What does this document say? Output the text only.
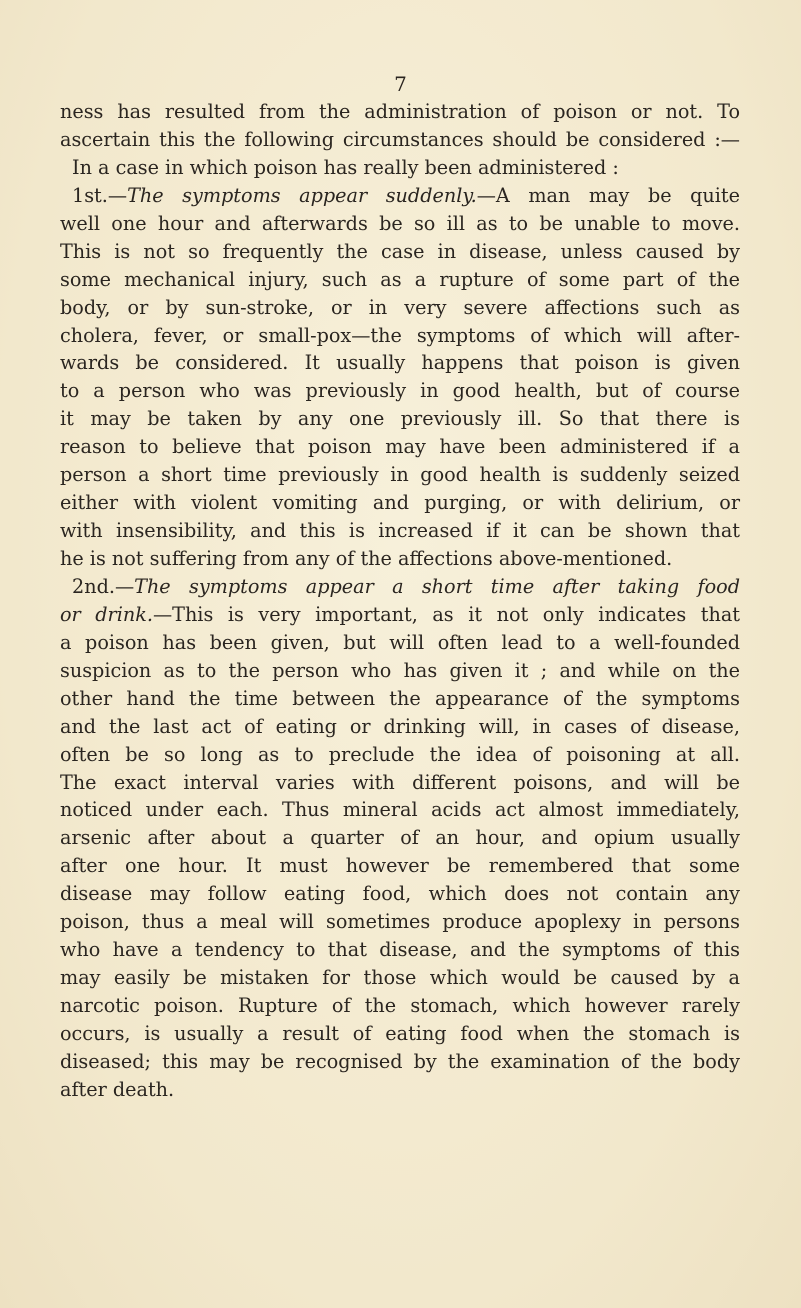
7
ness has resulted from the administration of poison or not. To
ascertain this the following circumstances should be considered :—
In a case in which poison has really been administered :
1st.—The symptoms appear suddenly.—A man may be quite
well one hour and afterwards be so ill as to be unable to move.
This is not so frequently the case in disease, unless caused by
some mechanical injury, such as a rupture of some part of the
body, or by sun-stroke, or in very severe affections such as
cholera, fever, or small-pox—the symptoms of which will after-
wards be considered. It usually happens that poison is given
to a person who was previously in good health, but of course
it may be taken by any one previously ill. So that there is
reason to believe that poison may have been administered if a
person a short time previously in good health is suddenly seized
either with violent vomiting and purging, or with delirium, or
with insensibility, and this is increased if it can be shown that
he is not suffering from any of the affections above-mentioned.
2nd.—The symptoms appear a short time after taking food
or drink.—This is very important, as it not only indicates that
a poison has been given, but will often lead to a well-founded
suspicion as to the person who has given it ; and while on the
other hand the time between the appearance of the symptoms
and the last act of eating or drinking will, in cases of disease,
often be so long as to preclude the idea of poisoning at all.
The exact interval varies with different poisons, and will be
noticed under each. Thus mineral acids act almost immediately,
arsenic after about a quarter of an hour, and opium usually
after one hour. It must however be remembered that some
disease may follow eating food, which does not contain any
poison, thus a meal will sometimes produce apoplexy in persons
who have a tendency to that disease, and the symptoms of this
may easily be mistaken for those which would be caused by a
narcotic poison. Rupture of the stomach, which however rarely
occurs, is usually a result of eating food when the stomach is
diseased; this may be recognised by the examination of the body
after death.
